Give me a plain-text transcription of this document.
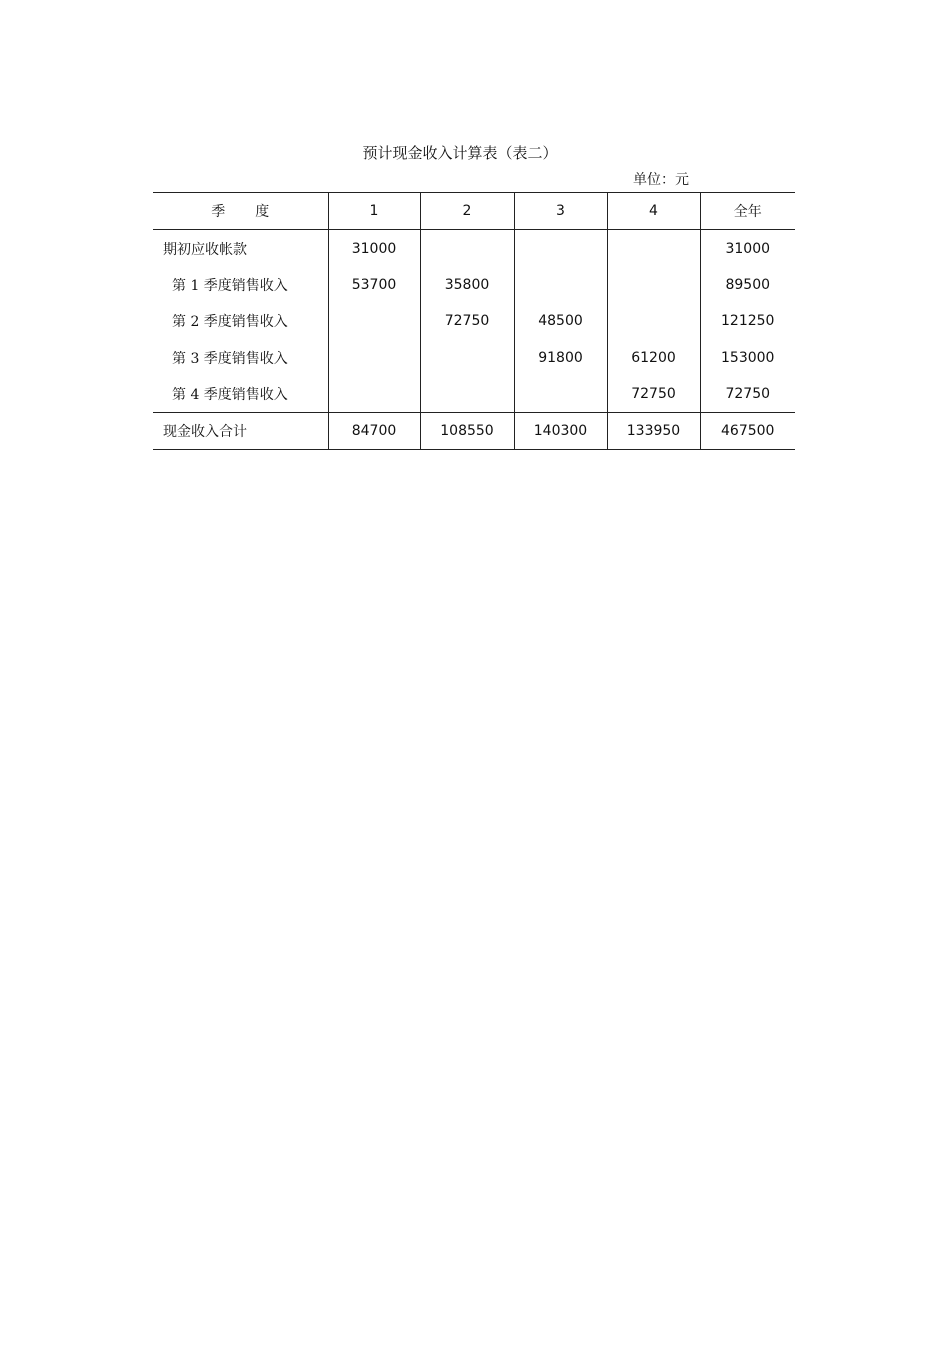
预计现金收入计算表（表二）
单位：元
季度	1	2	3	4	全年
期初应收帐款	31000				31000
第 1 季度销售收入	53700	35800			89500
第 2 季度销售收入		72750	48500		121250
第 3 季度销售收入			91800	61200	153000
第 4 季度销售收入				72750	72750
现金收入合计	84700	108550	140300	133950	467500
